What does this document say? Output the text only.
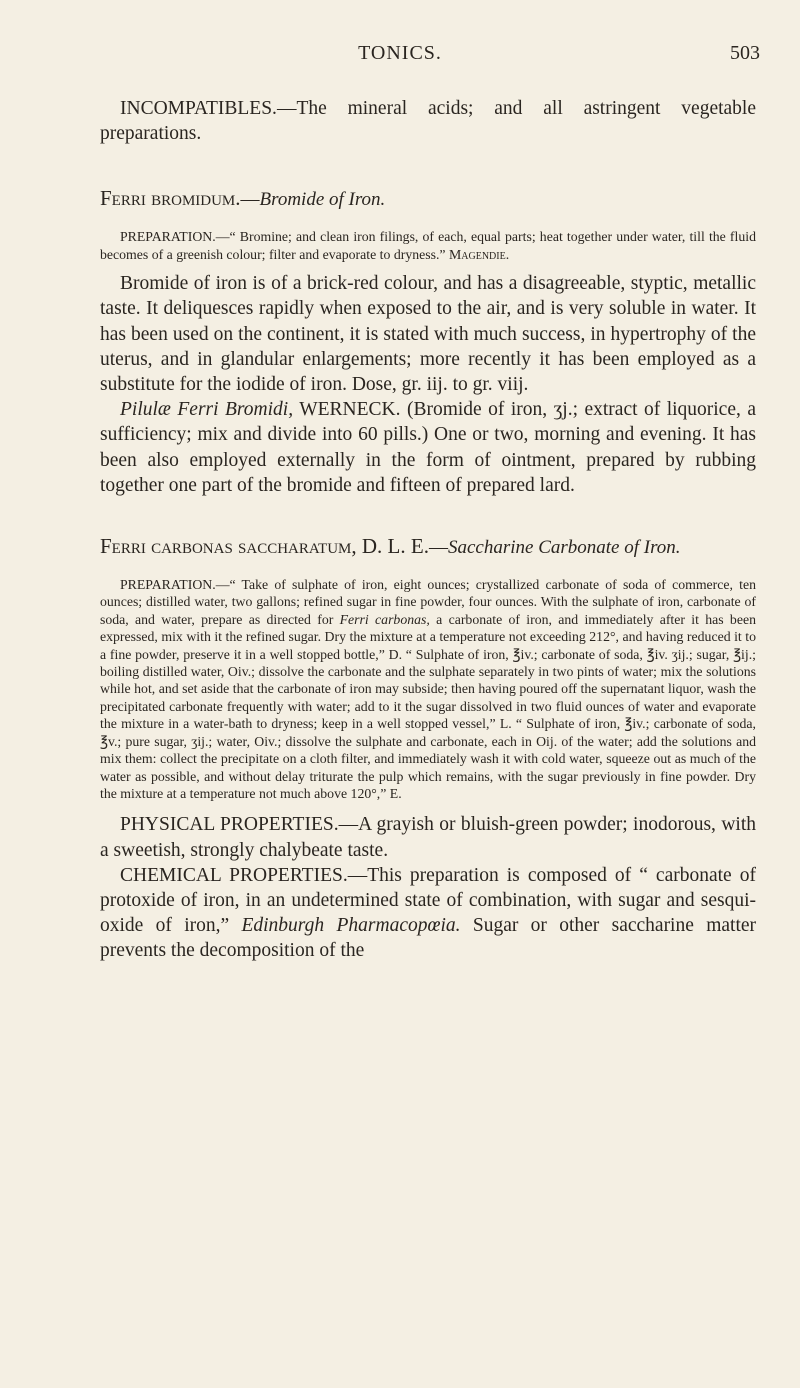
TONICS.	503

INCOMPATIBLES.—The mineral acids; and all astringent vegetable preparations.

Ferri bromidum.—Bromide of Iron.

PREPARATION.—“ Bromine; and clean iron filings, of each, equal parts; heat together under water, till the fluid becomes of a greenish colour; filter and evaporate to dryness.” Magendie.

Bromide of iron is of a brick-red colour, and has a disagreeable, styptic, metallic taste. It deliquesces rapidly when exposed to the air, and is very soluble in water. It has been used on the continent, it is stated with much success, in hypertrophy of the uterus, and in glandular enlargements; more recently it has been employed as a substitute for the iodide of iron. Dose, gr. iij. to gr. viij.

Pilulæ Ferri Bromidi, WERNECK. (Bromide of iron, ʒj.; extract of liquorice, a sufficiency; mix and divide into 60 pills.) One or two, morning and evening. It has been also employed externally in the form of ointment, prepared by rubbing together one part of the bromide and fifteen of prepared lard.

Ferri carbonas saccharatum, D. L. E.—Saccharine Carbonate of Iron.

PREPARATION.—“ Take of sulphate of iron, eight ounces; crystallized carbonate of soda of commerce, ten ounces; distilled water, two gallons; refined sugar in fine powder, four ounces. With the sulphate of iron, carbonate of soda, and water, prepare as directed for Ferri carbonas, a carbonate of iron, and immediately after it has been expressed, mix with it the refined sugar. Dry the mixture at a temperature not exceeding 212°, and having reduced it to a fine powder, preserve it in a well stopped bottle,” D. “ Sulphate of iron, ℥iv.; carbonate of soda, ℥iv. ʒij.; sugar, ℥ij.; boiling distilled water, Oiv.; dissolve the carbonate and the sulphate separately in two pints of water; mix the solutions while hot, and set aside that the carbonate of iron may subside; then having poured off the supernatant liquor, wash the precipitated carbonate frequently with water; add to it the sugar dissolved in two fluid ounces of water and evaporate the mixture in a water-bath to dryness; keep in a well stopped vessel,” L. “ Sulphate of iron, ℥iv.; carbonate of soda, ℥v.; pure sugar, ʒij.; water, Oiv.; dissolve the sulphate and carbonate, each in Oij. of the water; add the solutions and mix them: collect the precipitate on a cloth filter, and immediately wash it with cold water, squeeze out as much of the water as possible, and without delay triturate the pulp which remains, with the sugar previously in fine powder. Dry the mixture at a temperature not much above 120°,” E.

PHYSICAL PROPERTIES.—A grayish or bluish-green powder; inodorous, with a sweetish, strongly chalybeate taste.

CHEMICAL PROPERTIES.—This preparation is composed of “ carbonate of protoxide of iron, in an undetermined state of combination, with sugar and sesqui-oxide of iron,” Edinburgh Pharmacopœia. Sugar or other saccharine matter prevents the decomposition of the
